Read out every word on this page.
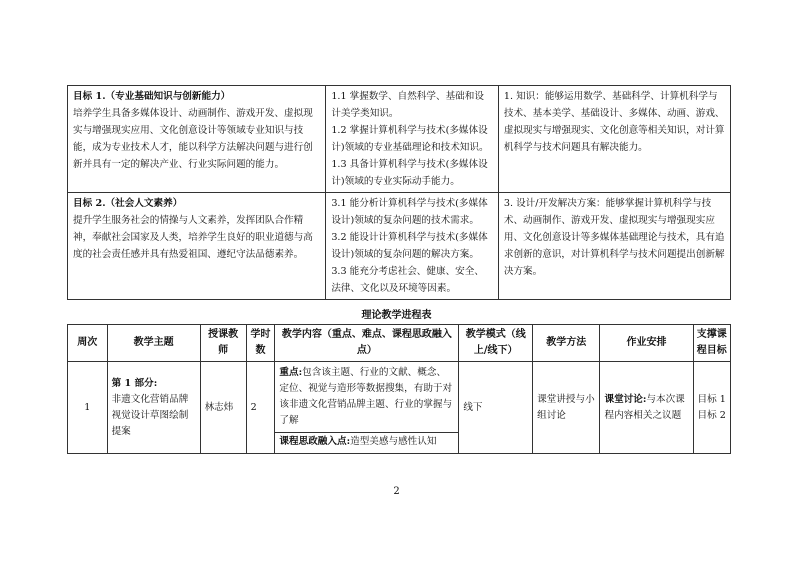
目标 1.（专业基础知识与创新能力）
培养学生具备多媒体设计、动画制作、游戏开发、虚拟现实与增强现实应用、文化创意设计等领域专业知识与技能，成为专业技术人才，能以科学方法解决问题与进行创新并具有一定的解决产业、行业实际问题的能力。	1.1 掌握数学、自然科学、基础和设计美学类知识。
1.2 掌握计算机科学与技术(多媒体设计)领域的专业基础理论和技术知识。
1.3 具备计算机科学与技术(多媒体设计)领域的专业实际动手能力。	1. 知识：能够运用数学、基础科学、计算机科学与技术、基本美学、基础设计、多媒体、动画、游戏、虚拟现实与增强现实、文化创意等相关知识，对计算机科学与技术问题具有解决能力。

目标 2.（社会人文素养）
提升学生服务社会的情操与人文素养，发挥团队合作精神，奉献社会国家及人类，培养学生良好的职业道德与高度的社会责任感并具有热爱祖国、遵纪守法品德素养。	3.1 能分析计算机科学与技术(多媒体设计)领域的复杂问题的技术需求。
3.2 能设计计算机科学与技术(多媒体设计)领域的复杂问题的解决方案。
3.3 能充分考虑社会、健康、安全、法律、文化以及环境等因素。	3. 设计/开发解决方案：能够掌握计算机科学与技术、动画制作、游戏开发、虚拟现实与增强现实应用、文化创意设计等多媒体基础理论与技术，具有追求创新的意识，对计算机科学与技术问题提出创新解决方案。
理论教学进程表
周次	教学主题	授课教师	学时数	教学内容（重点、难点、课程思政融入点）	教学模式（线上/线下）	教学方法	作业安排	支撑课程目标
1	第 1 部分:
非遗文化营销品牌视觉设计草图绘制提案	林志炜	2	重点:包含该主题、行业的文献、概念、定位、视觉与造形等数据搜集，有助于对该非遗文化营销品牌主题、行业的掌握与了解
课程思政融入点:造型美感与感性认知	线下	课堂讲授与小组讨论	课堂讨论:与本次课程内容相关之议题	目标 1
目标 2
2
